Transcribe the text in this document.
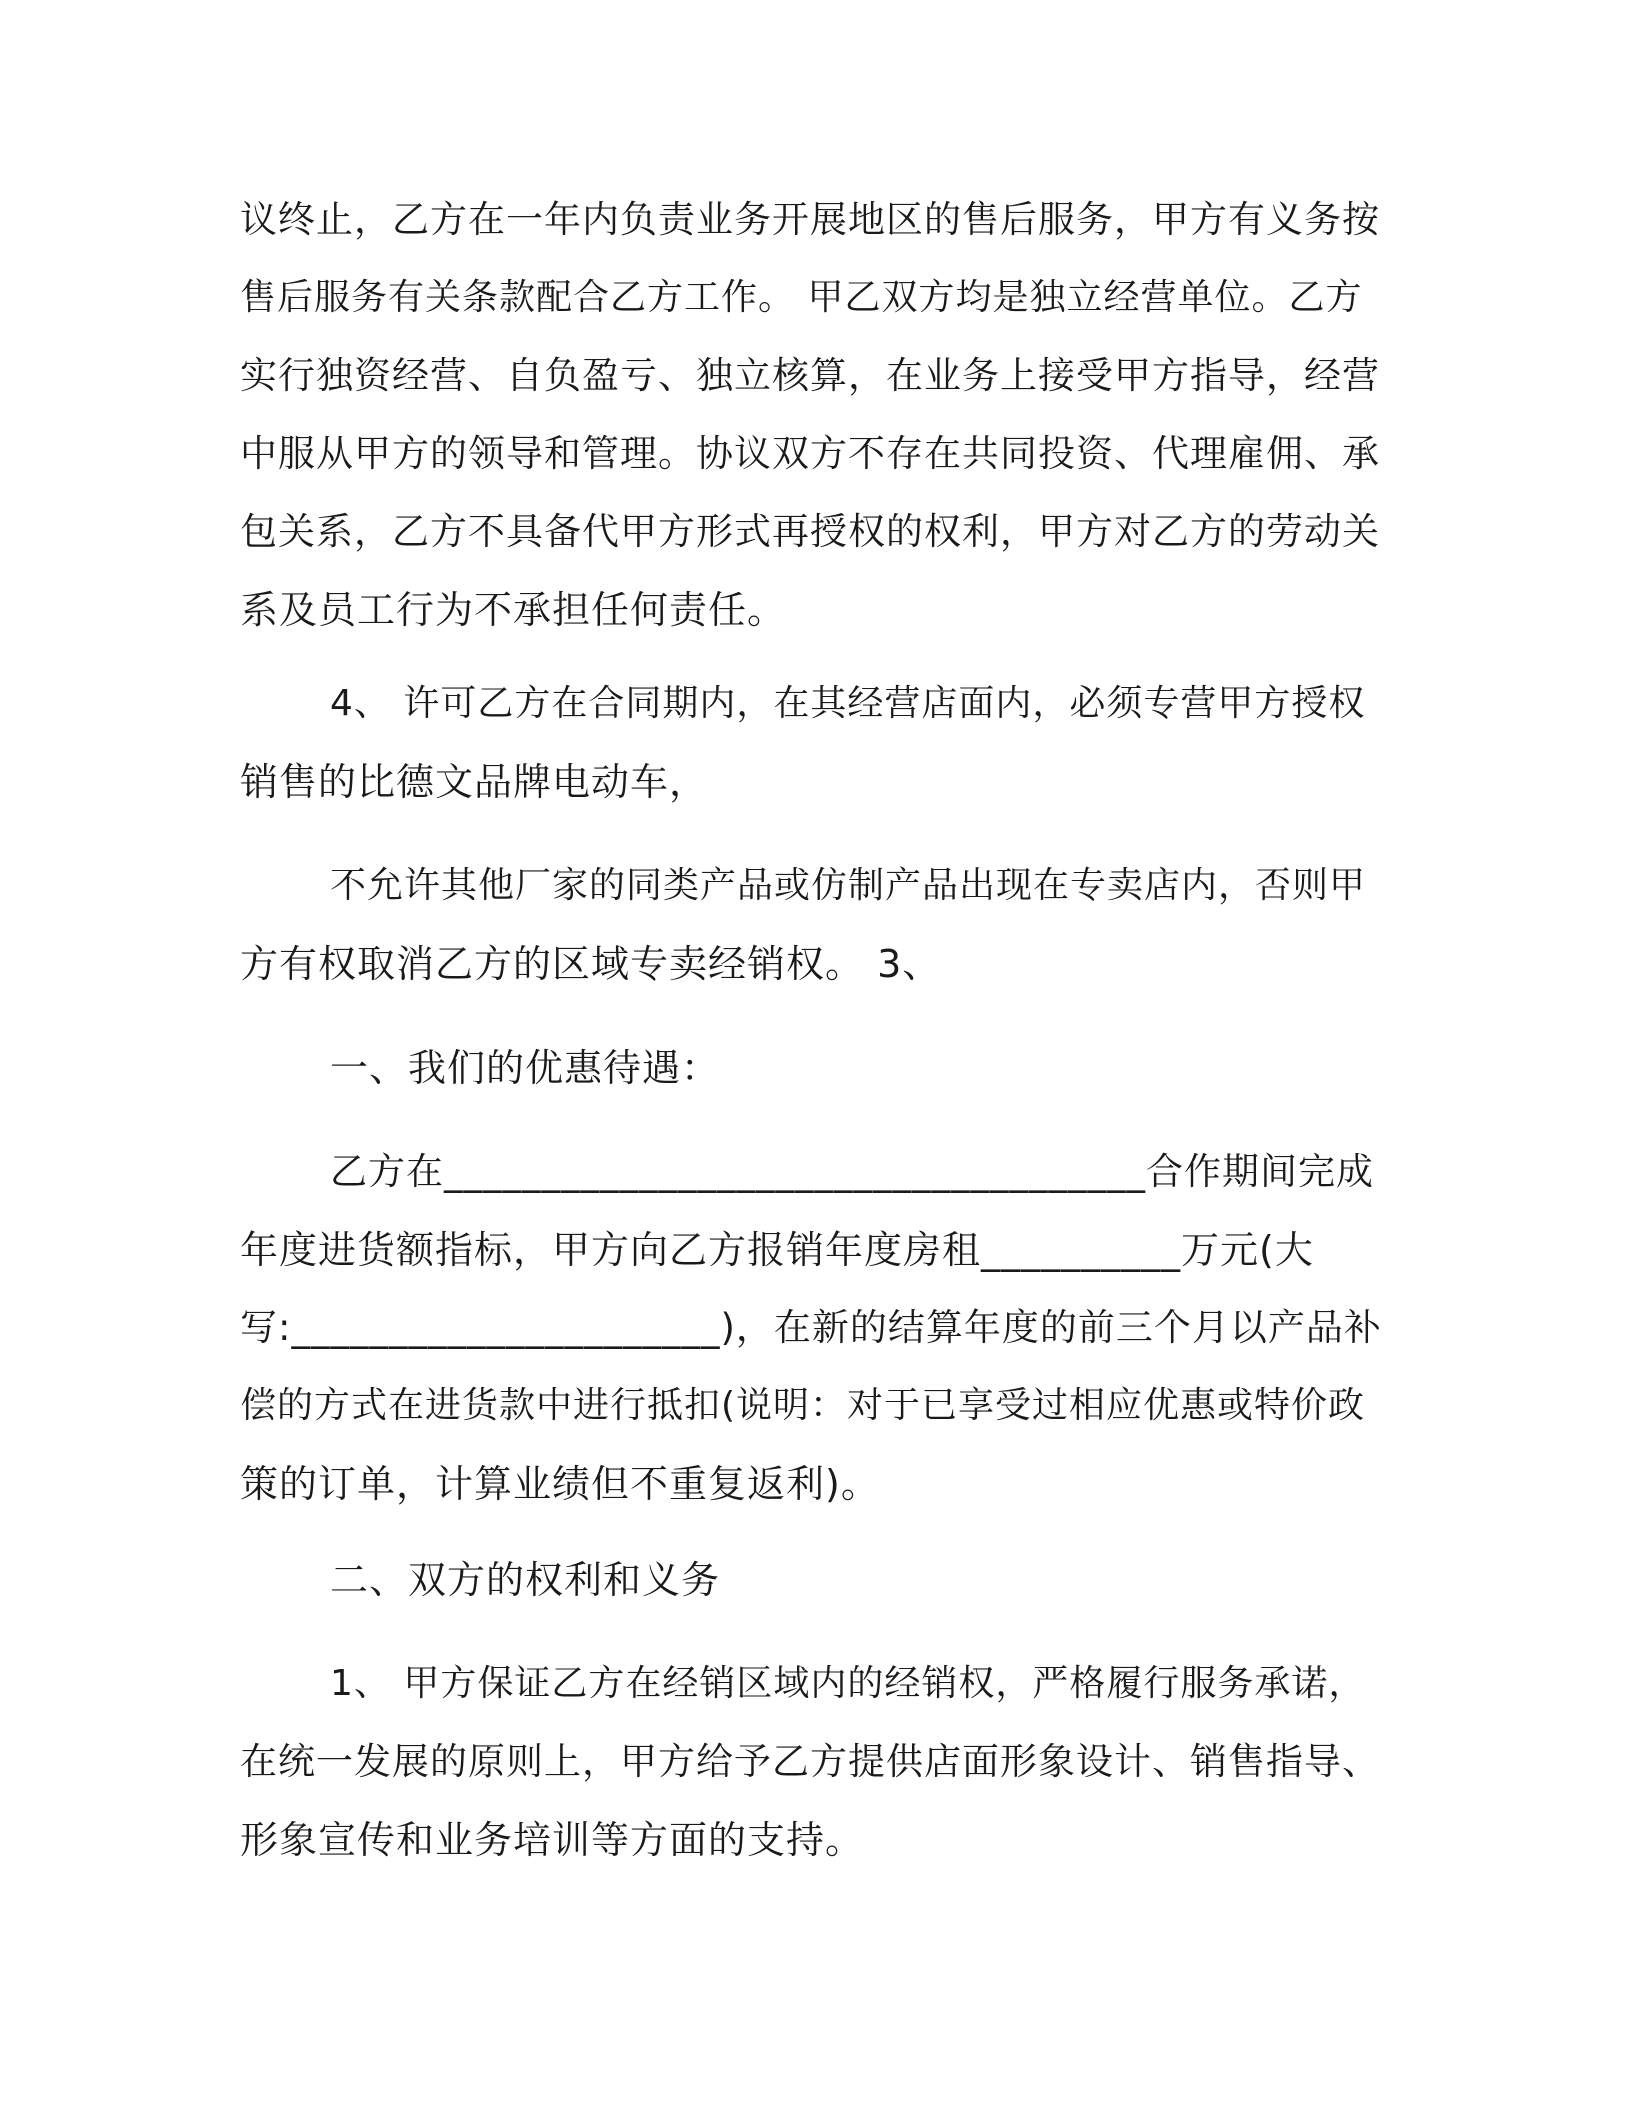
议终止，乙方在一年内负责业务开展地区的售后服务，甲方有义务按
售后服务有关条款配合乙方工作。 甲乙双方均是独立经营单位。乙方
实行独资经营、自负盈亏、独立核算，在业务上接受甲方指导，经营
中服从甲方的领导和管理。协议双方不存在共同投资、代理雇佣、承
包关系，乙方不具备代甲方形式再授权的权利，甲方对乙方的劳动关
系及员工行为不承担任何责任。
4、 许可乙方在合同期内，在其经营店面内，必须专营甲方授权
销售的比德文品牌电动车，
不允许其他厂家的同类产品或仿制产品出现在专卖店内，否则甲
方有权取消乙方的区域专卖经销权。 3、
一、我们的优惠待遇：
乙方在____________________________________合作期间完成
年度进货额指标，甲方向乙方报销年度房租__________万元(大
写:______________________)，在新的结算年度的前三个月以产品补
偿的方式在进货款中进行抵扣(说明：对于已享受过相应优惠或特价政
策的订单，计算业绩但不重复返利)。
二、双方的权利和义务
1、 甲方保证乙方在经销区域内的经销权，严格履行服务承诺，
在统一发展的原则上，甲方给予乙方提供店面形象设计、销售指导、
形象宣传和业务培训等方面的支持。
